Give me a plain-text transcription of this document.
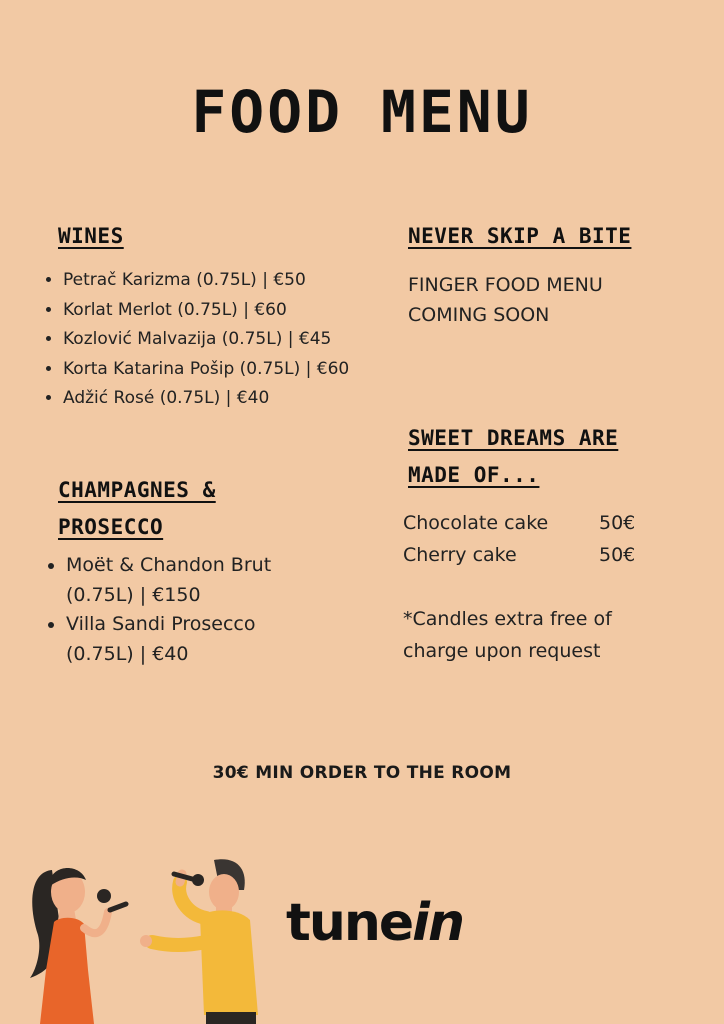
FOOD MENU
WINES
• Petrač Karizma (0.75L) | €50
• Korlat Merlot (0.75L) | €60
• Kozlović Malvazija (0.75L) | €45
• Korta Katarina Pošip (0.75L) | €60
• Adžić Rosé (0.75L) | €40
CHAMPAGNES &
PROSECCO
• Moët & Chandon Brut (0.75L) | €150
• Villa Sandi Prosecco (0.75L) | €40
NEVER SKIP A BITE
FINGER FOOD MENU
COMING SOON
SWEET DREAMS ARE
MADE OF...
Chocolate cake	50€
Cherry cake	50€
*Candles extra free of
charge upon request
30€ MIN ORDER TO THE ROOM
tunein
